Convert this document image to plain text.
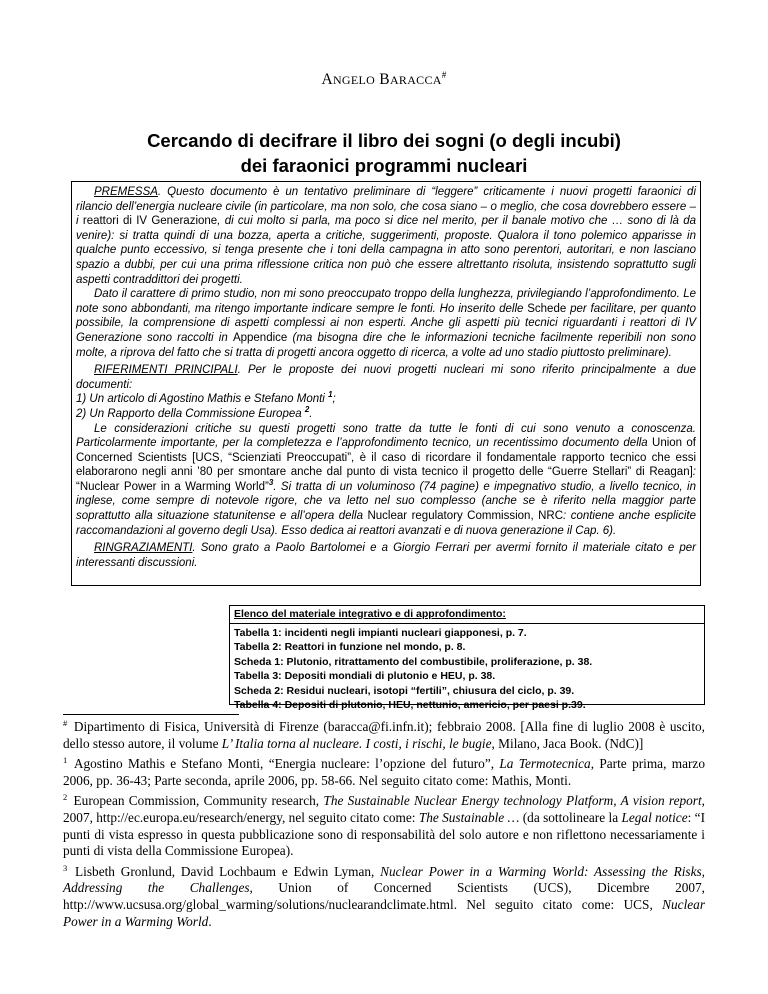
ANGELO BARACCA#
Cercando di decifrare il libro dei sogni (o degli incubi)
dei faraonici programmi nucleari

PREMESSA. Questo documento è un tentativo preliminare di “leggere” criticamente i nuovi progetti faraonici di rilancio dell’energia nucleare civile (in particolare, ma non solo, che cosa siano – o meglio, che cosa dovrebbero essere – i reattori di IV Generazione, di cui molto si parla, ma poco si dice nel merito, per il banale motivo che … sono di là da venire): si tratta quindi di una bozza, aperta a critiche, suggerimenti, proposte. Qualora il tono polemico apparisse in qualche punto eccessivo, si tenga presente che i toni della campagna in atto sono perentori, autoritari, e non lasciano spazio a dubbi, per cui una prima riflessione critica non può che essere altrettanto risoluta, insistendo soprattutto sugli aspetti contraddittori dei progetti.

Dato il carattere di primo studio, non mi sono preoccupato troppo della lunghezza, privilegiando l’approfondimento. Le note sono abbondanti, ma ritengo importante indicare sempre le fonti. Ho inserito delle Schede per facilitare, per quanto possibile, la comprensione di aspetti complessi ai non esperti. Anche gli aspetti più tecnici riguardanti i reattori di IV Generazione sono raccolti in Appendice (ma bisogna dire che le informazioni tecniche facilmente reperibili non sono molte, a riprova del fatto che si tratta di progetti ancora oggetto di ricerca, a volte ad uno stadio piuttosto preliminare).

RIFERIMENTI PRINCIPALI. Per le proposte dei nuovi progetti nucleari mi sono riferito principalmente a due documenti:

1) Un articolo di Agostino Mathis e Stefano Monti $^1$;

2) Un Rapporto della Commissione Europea $^2$.

Le considerazioni critiche su questi progetti sono tratte da tutte le fonti di cui sono venuto a conoscenza. Particolarmente importante, per la completezza e l’approfondimento tecnico, un recentissimo documento della Union of Concerned Scientists [UCS, “Scienziati Preoccupati”, è il caso di ricordare il fondamentale rapporto tecnico che essi elaborarono negli anni ’80 per smontare anche dal punto di vista tecnico il progetto delle “Guerre Stellari” di Reagan]: “Nuclear Power in a Warming World”$^3$. Si tratta di un voluminoso (74 pagine) e impegnativo studio, a livello tecnico, in inglese, come sempre di notevole rigore, che va letto nel suo complesso (anche se è riferito nella maggior parte soprattutto alla situazione statunitense e all’opera della Nuclear regulatory Commission, NRC: contiene anche esplicite raccomandazioni al governo degli Usa). Esso dedica ai reattori avanzati e di nuova generazione il Cap. 6).

RINGRAZIAMENTI. Sono grato a Paolo Bartolomei e a Giorgio Ferrari per avermi fornito il materiale citato e per interessanti discussioni.

Elenco del materiale integrativo e di approfondimento:
Tabella 1: incidenti negli impianti nucleari giapponesi, p. 7.
Tabella 2: Reattori in funzione nel mondo, p. 8.
Scheda 1: Plutonio, ritrattamento del combustibile, proliferazione, p. 38.
Tabella 3: Depositi mondiali di plutonio e HEU, p. 38.
Scheda 2: Residui nucleari, isotopi “fertili”, chiusura del ciclo, p. 39.
Tabella 4: Depositi di plutonio, HEU, nettunio, americio, per paesi p.39.

# Dipartimento di Fisica, Università di Firenze (baracca@fi.infn.it); febbraio 2008. [Alla fine di luglio 2008 è uscito, dello stesso autore, il volume L’ Italia torna al nucleare. I costi, i rischi, le bugie, Milano, Jaca Book. (NdC)]

$^1$ Agostino Mathis e Stefano Monti, “Energia nucleare: l’opzione del futuro”, La Termotecnica, Parte prima, marzo 2006, pp. 36-43; Parte seconda, aprile 2006, pp. 58-66. Nel seguito citato come: Mathis, Monti.

$^2$ European Commission, Community research, The Sustainable Nuclear Energy technology Platform, A vision report, 2007, http://ec.europa.eu/research/energy, nel seguito citato come: The Sustainable … (da sottolineare la Legal notice: “I punti di vista espresso in questa pubblicazione sono di responsabilità del solo autore e non riflettono necessariamente i punti di vista della Commissione Europea).

$^3$ Lisbeth Gronlund, David Lochbaum e Edwin Lyman, Nuclear Power in a Warming World: Assessing the Risks, Addressing the Challenges, Union of Concerned Scientists (UCS), Dicembre 2007, http://www.ucsusa.org/global_warming/solutions/nuclearandclimate.html. Nel seguito citato come: UCS, Nuclear Power in a Warming World.
